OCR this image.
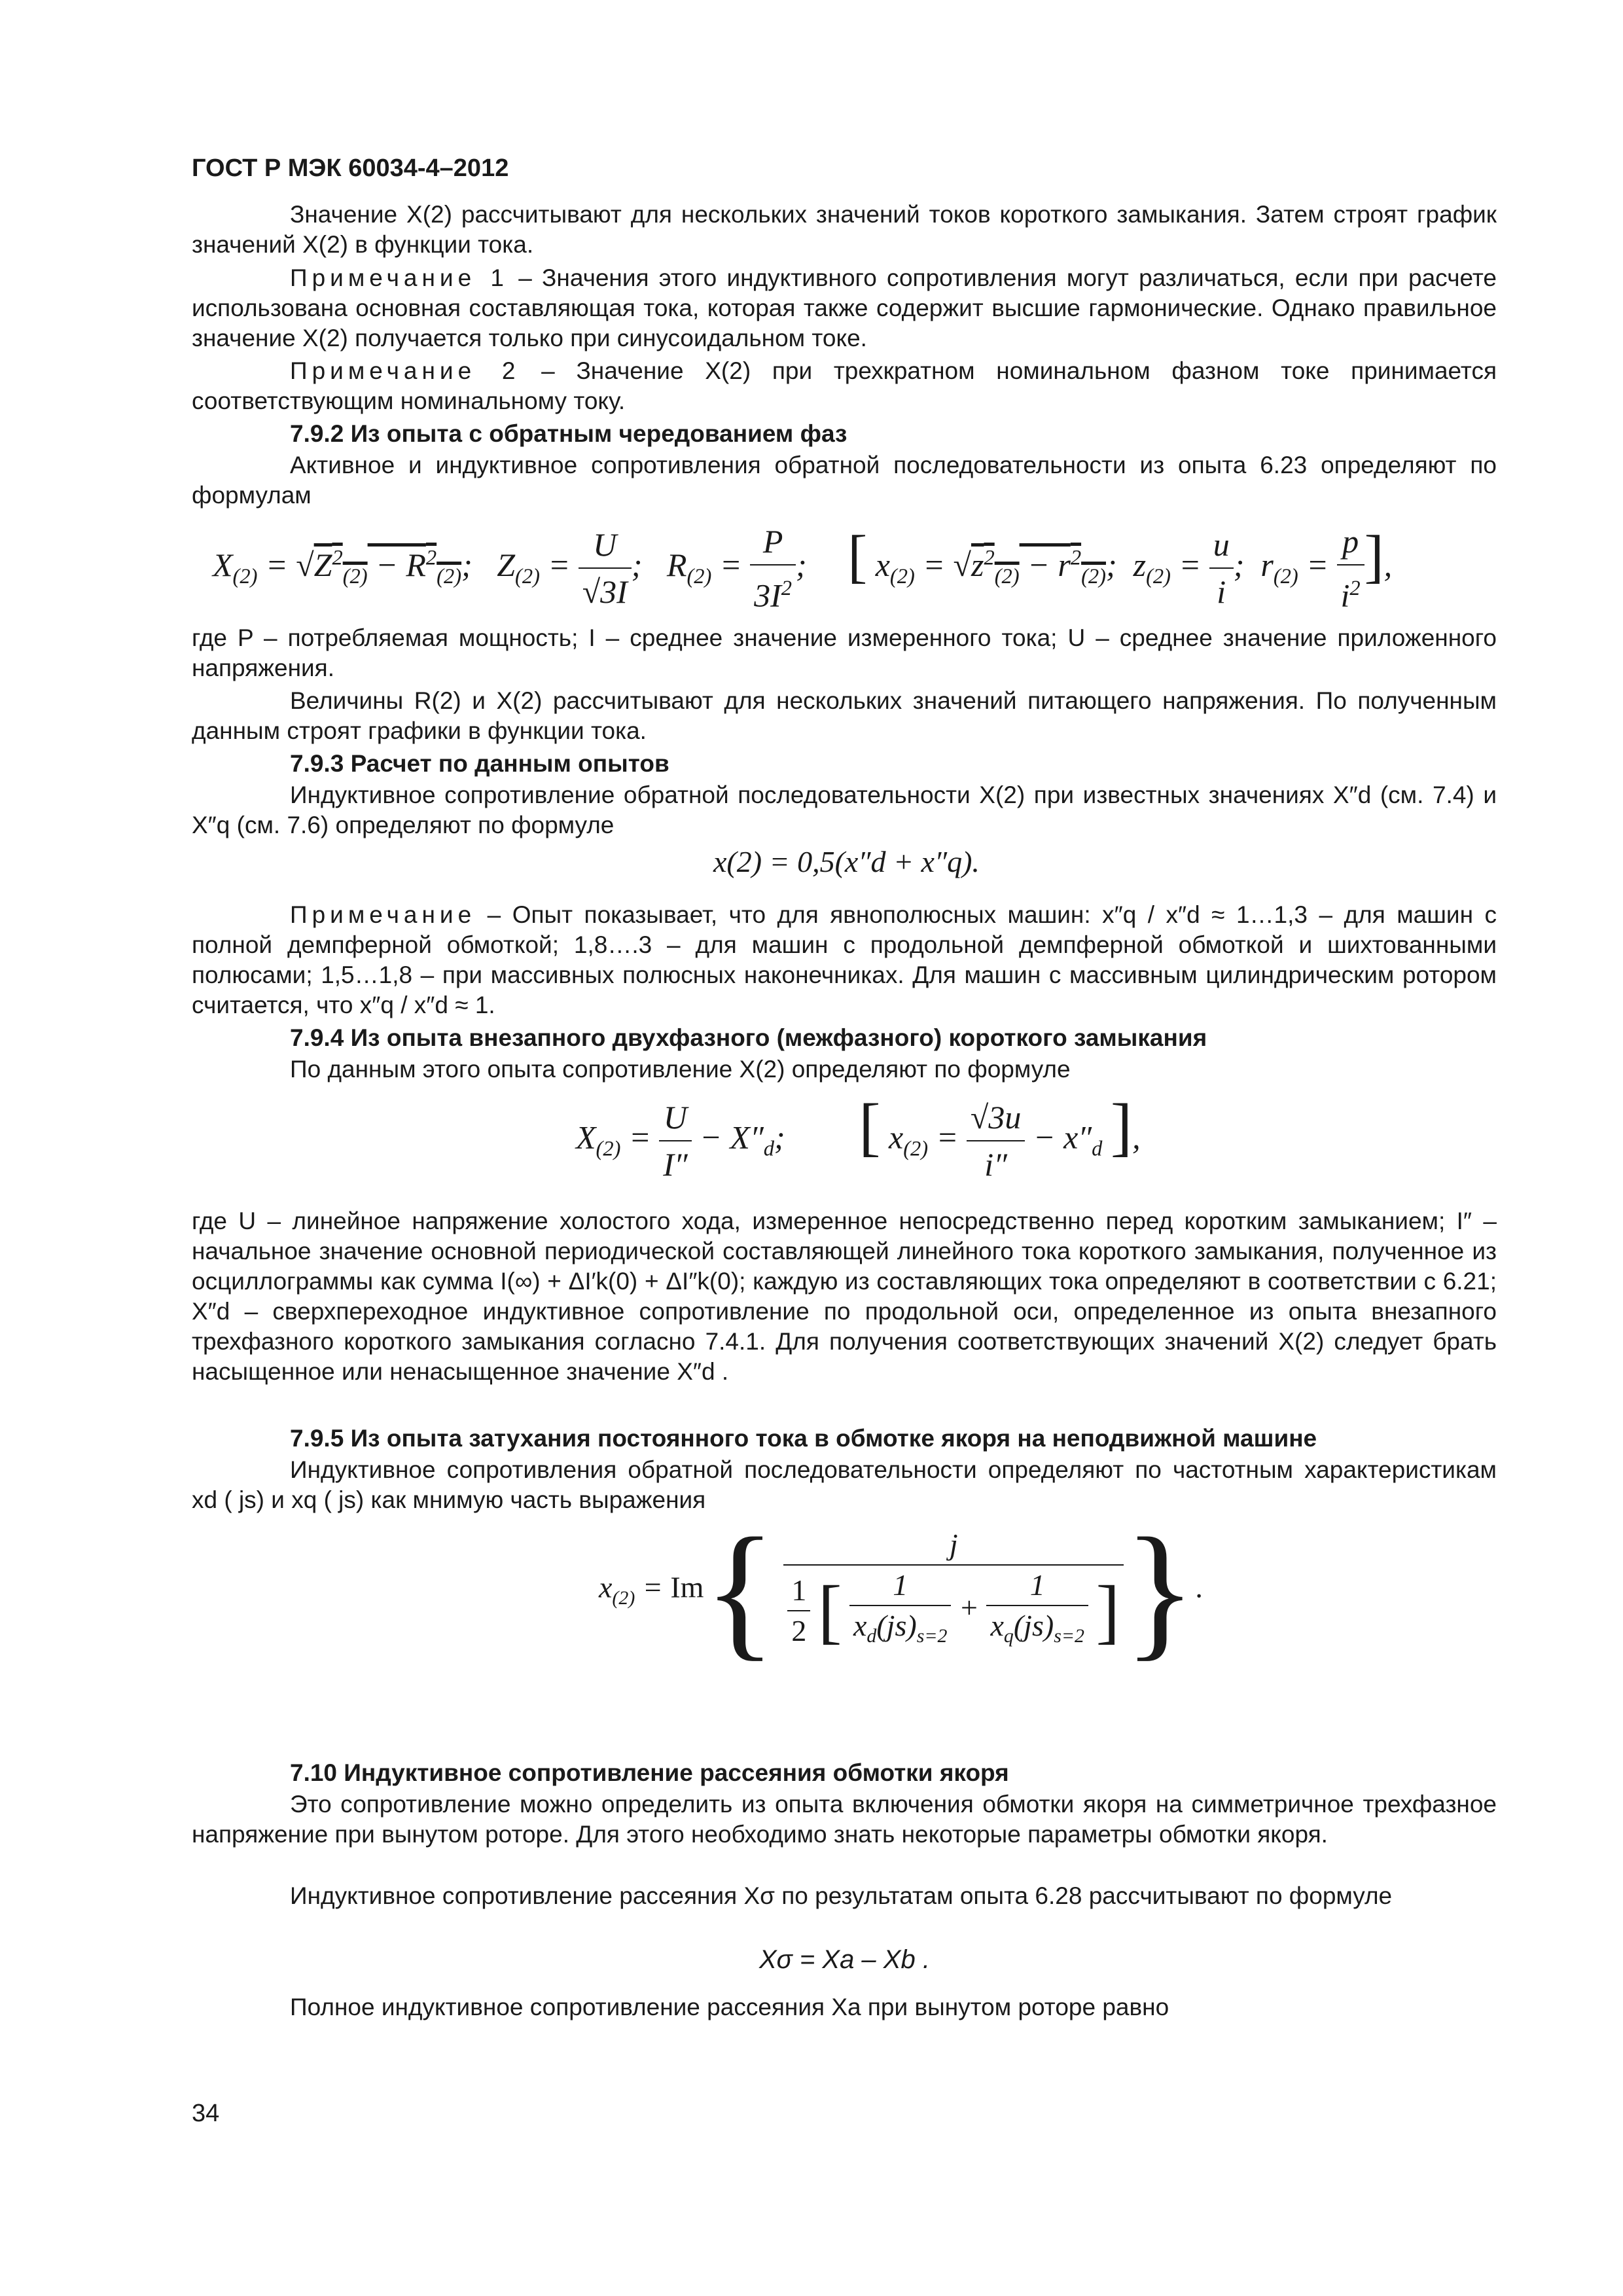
ГОСТ Р МЭК 60034-4–2012
Значение X(2) рассчитывают для нескольких значений токов короткого замыкания. Затем строят график значений X(2) в функции тока.
Примечание 1 – Значения этого индуктивного сопротивления могут различаться, если при расчете использована основная составляющая тока, которая также содержит высшие гармонические. Однако правильное значение X(2) получается только при синусоидальном токе.
Примечание 2 – Значение X(2) при трехкратном номинальном фазном токе принимается соответствующим номинальному току.
7.9.2 Из опыта с обратным чередованием фаз
Активное и индуктивное сопротивления обратной последовательности из опыта 6.23 определяют по формулам
$X_{(2)} = √Z^2_{(2)} - R^2_{(2)}$;   $Z_{(2)} = \frac{U}{√3I}$ ;   $R_{(2)} = \frac{P}{3I^2}$ ;     [ $x_{(2)} = √z^2_{(2)} - r^2_{(2)}$;  $z_{(2)} = \frac{u}{i}$ ;  $r_{(2)} = \frac{p}{i^2}$ ],
где P – потребляемая мощность; I – среднее значение измеренного тока; U – среднее значение приложенного напряжения.
Величины R(2) и X(2) рассчитывают для нескольких значений питающего напряжения. По полученным данным строят графики в функции тока.
7.9.3 Расчет по данным опытов
Индуктивное сопротивление обратной последовательности X(2) при известных значениях X″d (см. 7.4) и X″q (см. 7.6) определяют по формуле
x(2) = 0,5(x″d + x″q).
Примечание – Опыт показывает, что для явнополюсных машин: x″q / x″d ≈ 1…1,3 – для машин с полной демпферной обмоткой; 1,8….3 – для машин с продольной демпферной обмоткой и шихтованными полюсами; 1,5…1,8 – при массивных полюсных наконечниках. Для машин с массивным цилиндрическим ротором считается, что x″q / x″d ≈ 1.
7.9.4 Из опыта внезапного двухфазного (межфазного) короткого замыкания
По данным этого опыта сопротивление X(2) определяют по формуле
$X_{(2)} = \frac{U}{I''} - X''_d$;         [ $x_{(2)} = \frac{√3u}{i''} - x''_d$ ],
где U – линейное напряжение холостого хода, измеренное непосредственно перед коротким замыканием; I″ – начальное значение основной периодической составляющей линейного тока короткого замыкания, полученное из осциллограммы как сумма I(∞) + ΔI′k(0) + ΔI″k(0); каждую из составляющих тока определяют в соответствии с 6.21; X″d – сверхпереходное индуктивное сопротивление по продольной оси, определенное из опыта внезапного трехфазного короткого замыкания согласно 7.4.1. Для получения соответствующих значений X(2) следует брать насыщенное или ненасыщенное значение X″d .
7.9.5 Из опыта затухания постоянного тока в обмотке якоря на неподвижной машине
Индуктивное сопротивления обратной последовательности определяют по частотным характеристикам xd ( js) и xq ( js) как мнимую часть выражения
$x_{(2)} = Im${	j
$\frac{1}{2}$ [ $\frac{1}{x_d(js)_{s=2}} + \frac{1}{x_q(js)_{s=2}}$ ] }.
7.10 Индуктивное сопротивление рассеяния обмотки якоря
Это сопротивление можно определить из опыта включения обмотки якоря на симметричное трехфазное напряжение при вынутом роторе. Для этого необходимо знать некоторые параметры обмотки якоря.
Индуктивное сопротивление рассеяния Xσ по результатам опыта 6.28 рассчитывают по формуле
Xσ = Xa – Xb .
Полное индуктивное сопротивление рассеяния Xa при вынутом роторе равно
34
